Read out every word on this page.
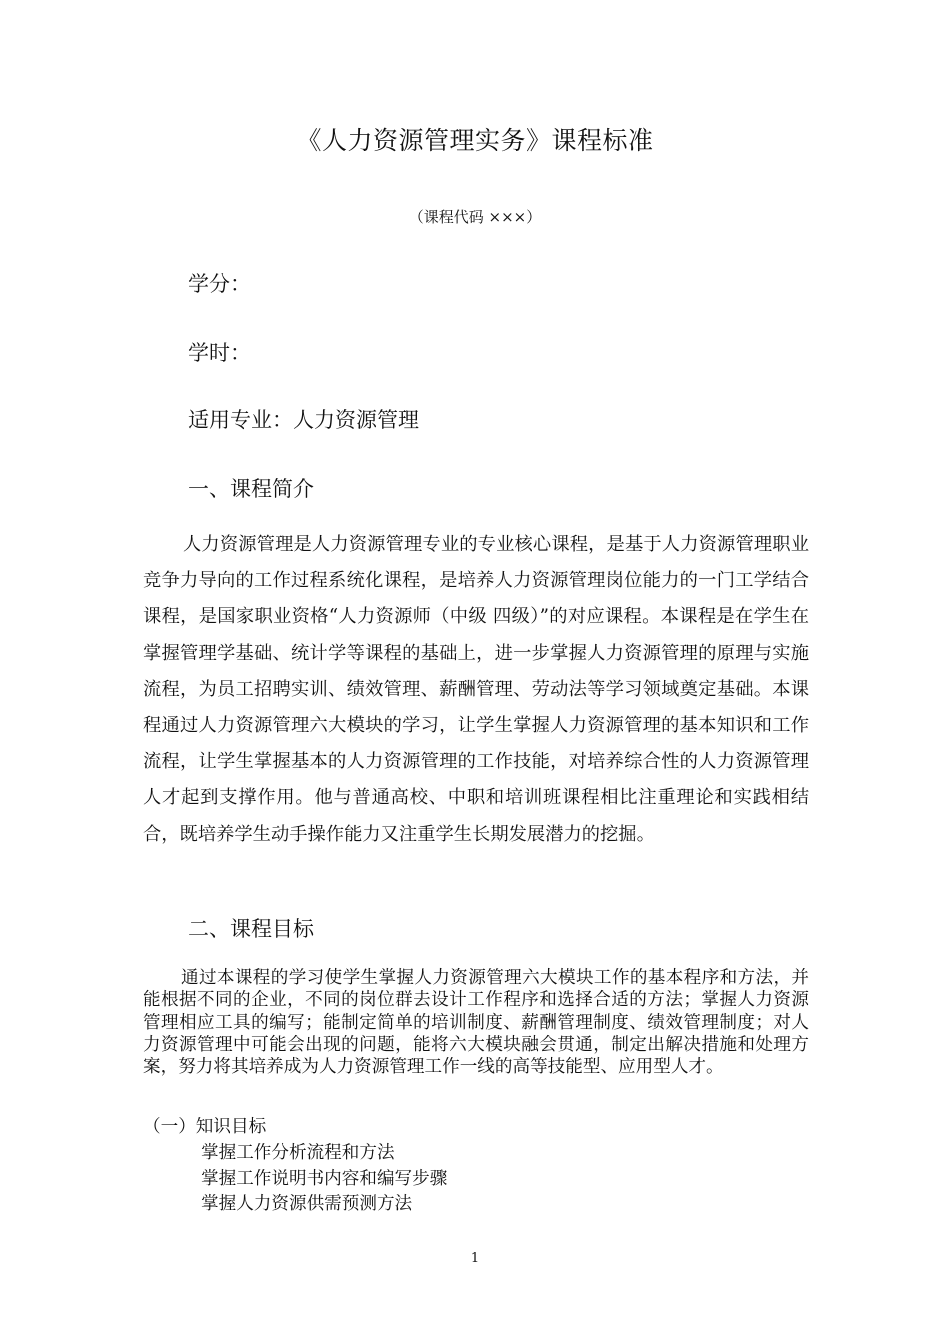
《人力资源管理实务》课程标准
（课程代码 ×××）
学分：
学时：
适用专业：人力资源管理
一、课程简介

人力资源管理是人力资源管理专业的专业核心课程，是基于人力资源管理职业竞争力导向的工作过程系统化课程，是培养人力资源管理岗位能力的一门工学结合课程，是国家职业资格“人力资源师（中级 四级）”的对应课程。本课程是在学生在掌握管理学基础、统计学等课程的基础上，进一步掌握人力资源管理的原理与实施流程，为员工招聘实训、绩效管理、薪酬管理、劳动法等学习领域奠定基础。本课程通过人力资源管理六大模块的学习，让学生掌握人力资源管理的基本知识和工作流程，让学生掌握基本的人力资源管理的工作技能，对培养综合性的人力资源管理人才起到支撑作用。他与普通高校、中职和培训班课程相比注重理论和实践相结合，既培养学生动手操作能力又注重学生长期发展潜力的挖掘。

二、课程目标

通过本课程的学习使学生掌握人力资源管理六大模块工作的基本程序和方法，并能根据不同的企业，不同的岗位群去设计工作程序和选择合适的方法；掌握人力资源管理相应工具的编写；能制定简单的培训制度、薪酬管理制度、绩效管理制度；对人力资源管理中可能会出现的问题，能将六大模块融会贯通，制定出解决措施和处理方案，努力将其培养成为人力资源管理工作一线的高等技能型、应用型人才。

（一）知识目标
掌握工作分析流程和方法
掌握工作说明书内容和编写步骤
掌握人力资源供需预测方法
1
